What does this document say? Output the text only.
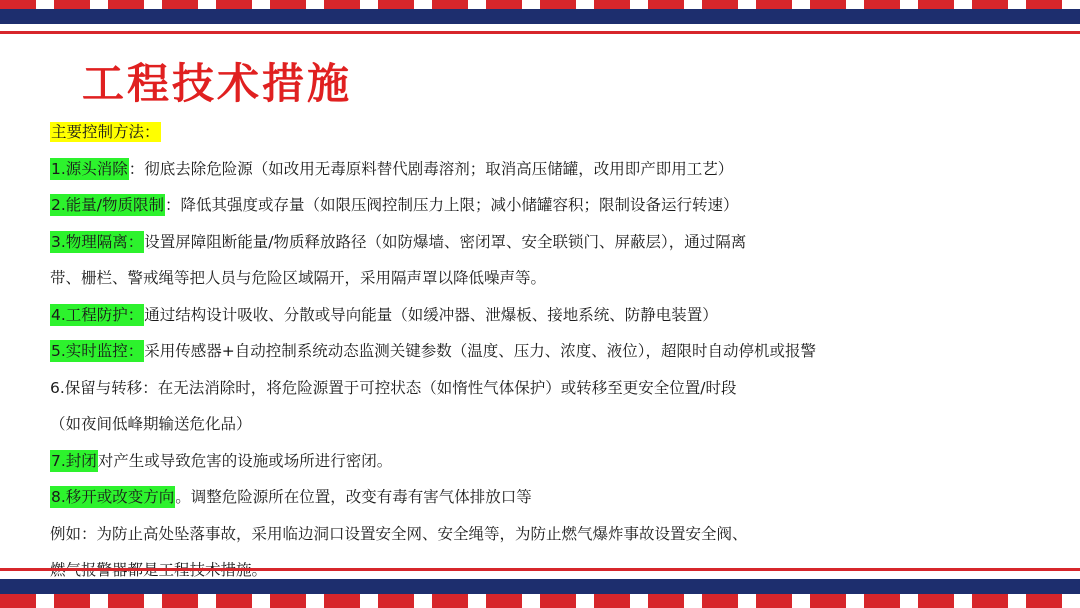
工程技术措施
主要控制方法：
1.源头消除：彻底去除危险源（如改用无毒原料替代剧毒溶剂；取消高压储罐，改用即产即用工艺）
2.能量/物质限制：降低其强度或存量（如限压阀控制压力上限；减小储罐容积；限制设备运行转速）
3.物理隔离：设置屏障阻断能量/物质释放路径（如防爆墙、密闭罩、安全联锁门、屏蔽层），通过隔离
带、栅栏、警戒绳等把人员与危险区域隔开，采用隔声罩以降低噪声等。
4.工程防护：通过结构设计吸收、分散或导向能量（如缓冲器、泄爆板、接地系统、防静电装置）
5.实时监控：采用传感器+自动控制系统动态监测关键参数（温度、压力、浓度、液位），超限时自动停机或报警
6.保留与转移：在无法消除时，将危险源置于可控状态（如惰性气体保护）或转移至更安全位置/时段
（如夜间低峰期输送危化品）
7.封闭对产生或导致危害的设施或场所进行密闭。
8.移开或改变方向。调整危险源所在位置，改变有毒有害气体排放口等
例如：为防止高处坠落事故，采用临边洞口设置安全网、安全绳等，为防止燃气爆炸事故设置安全阀、
